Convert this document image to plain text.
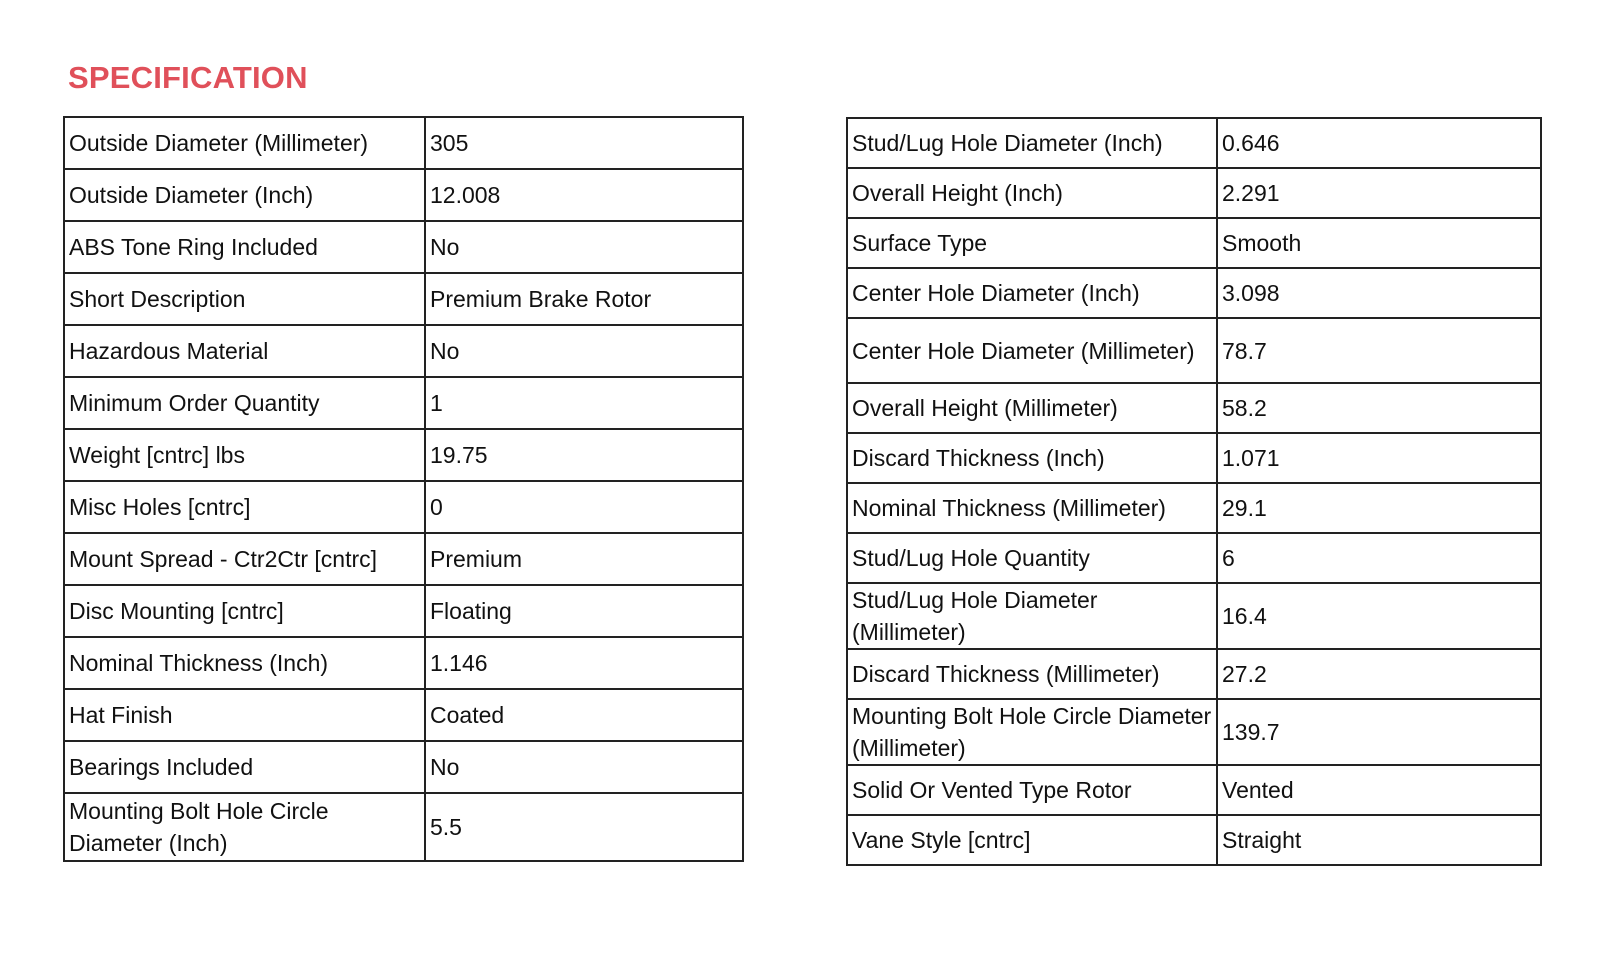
SPECIFICATION
Outside Diameter (Millimeter)	305
Outside Diameter (Inch)	12.008
ABS Tone Ring Included	No
Short Description	Premium Brake Rotor
Hazardous Material	No
Minimum Order Quantity	1
Weight [cntrc] lbs	19.75
Misc Holes [cntrc]	0
Mount Spread - Ctr2Ctr [cntrc]	Premium
Disc Mounting [cntrc]	Floating
Nominal Thickness (Inch)	1.146
Hat Finish	Coated
Bearings Included	No
Mounting Bolt Hole Circle Diameter (Inch)	5.5
Stud/Lug Hole Diameter (Inch)	0.646
Overall Height (Inch)	2.291
Surface Type	Smooth
Center Hole Diameter (Inch)	3.098
Center Hole Diameter (Millimeter)	78.7
Overall Height (Millimeter)	58.2
Discard Thickness (Inch)	1.071
Nominal Thickness (Millimeter)	29.1
Stud/Lug Hole Quantity	6
Stud/Lug Hole Diameter (Millimeter)	16.4
Discard Thickness (Millimeter)	27.2
Mounting Bolt Hole Circle Diameter (Millimeter)	139.7
Solid Or Vented Type Rotor	Vented
Vane Style [cntrc]	Straight
